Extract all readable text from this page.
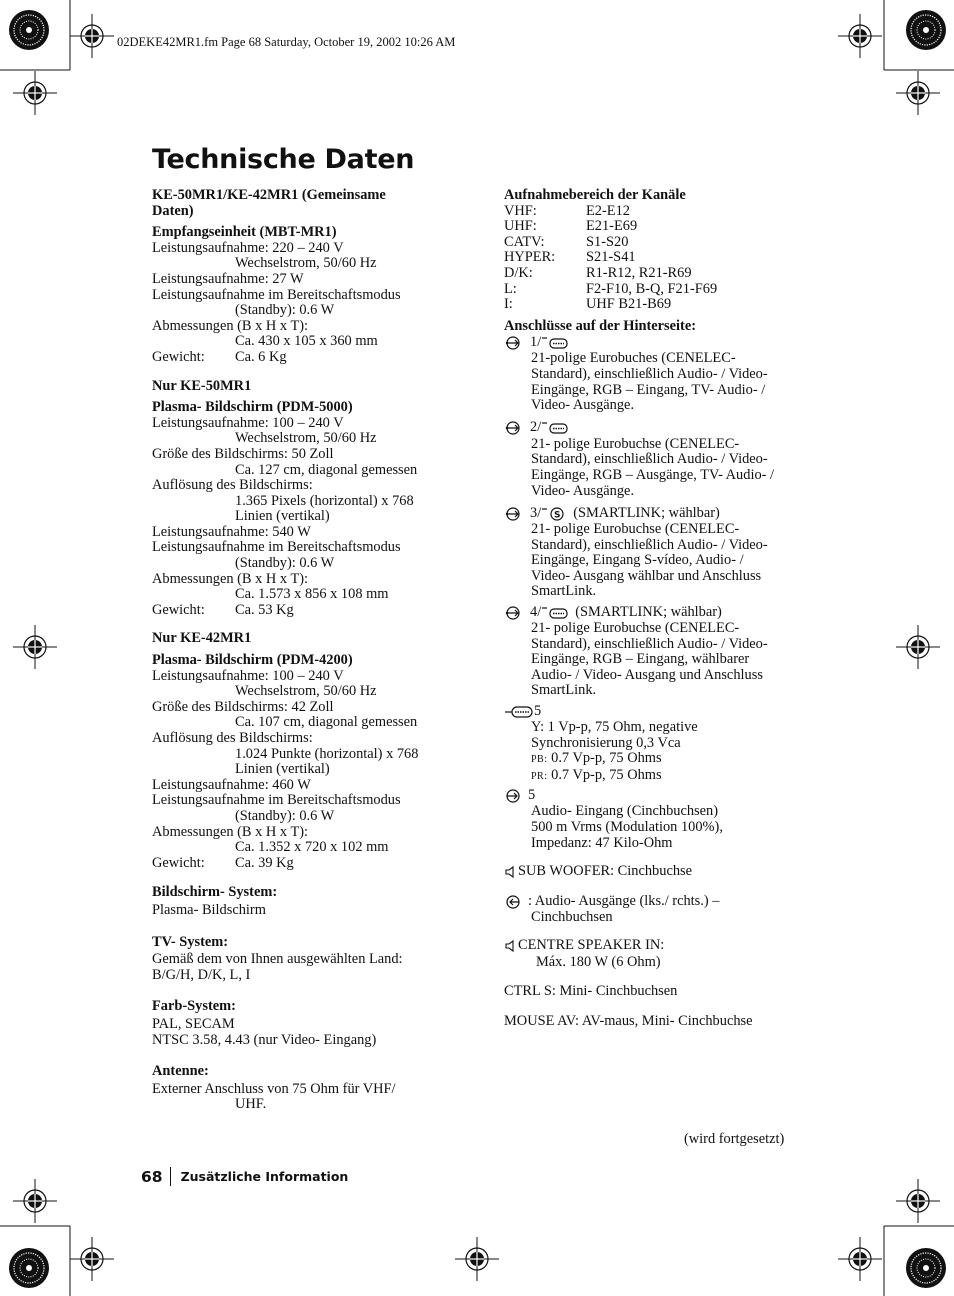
02DEKE42MR1.fm Page 68 Saturday, October 19, 2002 10:26 AM
Technische Daten
KE-50MR1/KE-42MR1 (Gemeinsame
Daten)
Empfangseinheit (MBT-MR1)
Leistungsaufnahme: 220 – 240 V
Wechselstrom, 50/60 Hz
Leistungsaufnahme: 27 W
Leistungsaufnahme im Bereitschaftsmodus
(Standby): 0.6 W
Abmessungen (B x H x T):
Ca. 430 x 105 x 360 mm
Gewicht: Ca. 6 Kg
Nur KE-50MR1
Plasma- Bildschirm (PDM-5000)
Leistungsaufnahme: 100 – 240 V
Wechselstrom, 50/60 Hz
Größe des Bildschirms: 50 Zoll
Ca. 127 cm, diagonal gemessen
Auflösung des Bildschirms:
1.365 Pixels (horizontal) x 768
Linien (vertikal)
Leistungsaufnahme: 540 W
Leistungsaufnahme im Bereitschaftsmodus
(Standby): 0.6 W
Abmessungen (B x H x T):
Ca. 1.573 x 856 x 108 mm
Gewicht: Ca. 53 Kg
Nur KE-42MR1
Plasma- Bildschirm (PDM-4200)
Leistungsaufnahme: 100 – 240 V
Wechselstrom, 50/60 Hz
Größe des Bildschirms: 42 Zoll
Ca. 107 cm, diagonal gemessen
Auflösung des Bildschirms:
1.024 Punkte (horizontal) x 768
Linien (vertikal)
Leistungsaufnahme: 460 W
Leistungsaufnahme im Bereitschaftsmodus
(Standby): 0.6 W
Abmessungen (B x H x T):
Ca. 1.352 x 720 x 102 mm
Gewicht: Ca. 39 Kg
Bildschirm- System:
Plasma- Bildschirm
TV- System:
Gemäß dem von Ihnen ausgewählten Land:
B/G/H, D/K, L, I
Farb-System:
PAL, SECAM
NTSC 3.58, 4.43 (nur Video- Eingang)
Antenne:
Externer Anschluss von 75 Ohm für VHF/
UHF.
Aufnahmebereich der Kanäle
VHF:	E2-E12
UHF:	E21-E69
CATV:	S1-S20
HYPER: S21-S41
D/K:	R1-R12, R21-R69
L:	F2-F10, B-Q, F21-F69
I:	UHF B21-B69
Anschlüsse auf der Hinterseite:
1/
21-polige Eurobuches (CENELEC-
Standard), einschließlich Audio- / Video-
Eingänge, RGB – Eingang, TV- Audio- /
Video- Ausgänge.
2/
21- polige Eurobuchse (CENELEC-
Standard), einschließlich Audio- / Video-
Eingänge, RGB – Ausgänge, TV- Audio- /
Video- Ausgänge.
3/ S (SMARTLINK; wählbar)
21- polige Eurobuchse (CENELEC-
Standard), einschließlich Audio- / Video-
Eingänge, Eingang S-vídeo, Audio- /
Video- Ausgang wählbar und Anschluss
SmartLink.
4/ (SMARTLINK; wählbar)
21- polige Eurobuchse (CENELEC-
Standard), einschließlich Audio- / Video-
Eingänge, RGB – Eingang, wählbarer
Audio- / Video- Ausgang und Anschluss
SmartLink.
5
Y: 1 Vp-p, 75 Ohm, negative
Synchronisierung 0,3 Vca
PB: 0.7 Vp-p, 75 Ohms
PR: 0.7 Vp-p, 75 Ohms
5
Audio- Eingang (Cinchbuchsen)
500 m Vrms (Modulation 100%),
Impedanz: 47 Kilo-Ohm
SUB WOOFER: Cinchbuchse
: Audio- Ausgänge (lks./ rchts.) –
Cinchbuchsen
CENTRE SPEAKER IN:
Máx. 180 W (6 Ohm)
CTRL S: Mini- Cinchbuchsen
MOUSE AV: AV-maus, Mini- Cinchbuchse
(wird fortgesetzt)
68 Zusätzliche Information
